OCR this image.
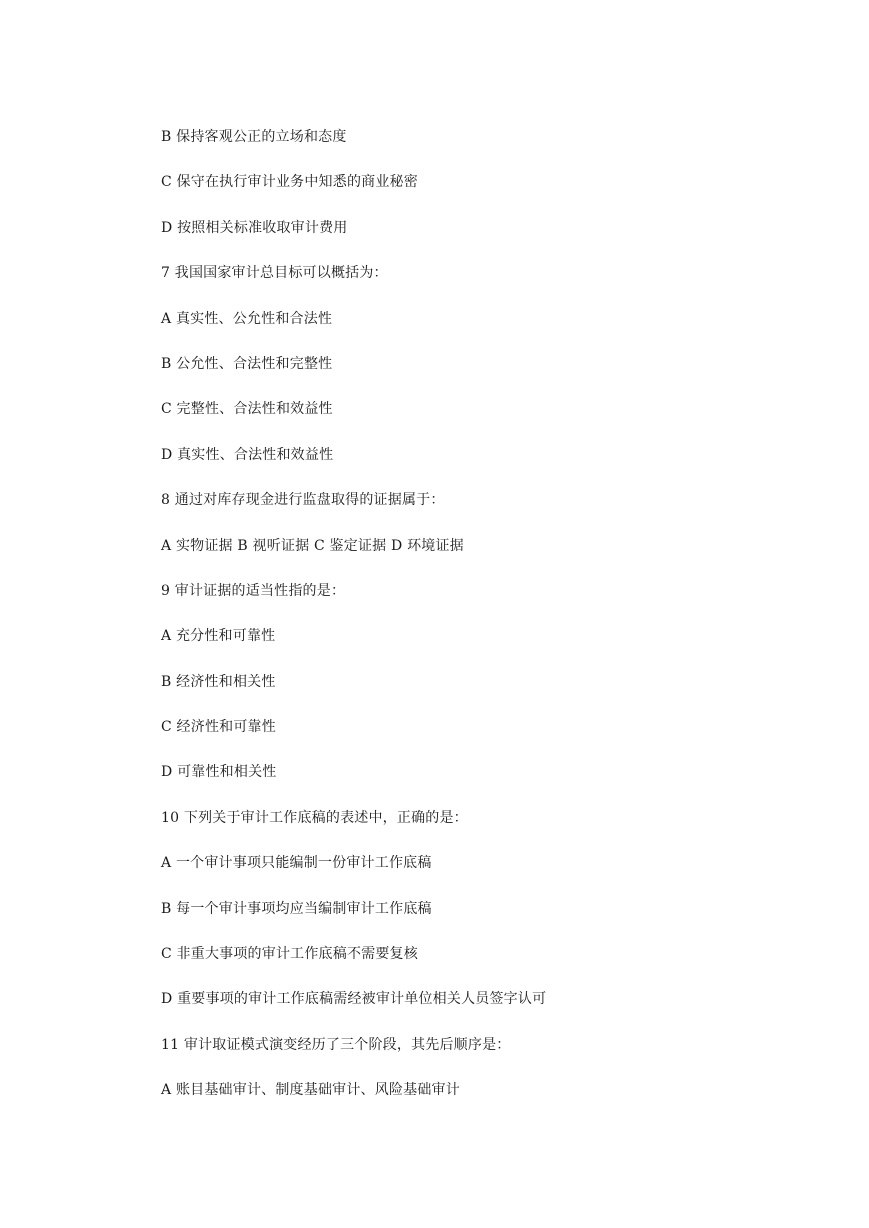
B 保持客观公正的立场和态度

C 保守在执行审计业务中知悉的商业秘密

D 按照相关标准收取审计费用

7 我国国家审计总目标可以概括为：

A 真实性、公允性和合法性

B 公允性、合法性和完整性

C 完整性、合法性和效益性

D 真实性、合法性和效益性

8 通过对库存现金进行监盘取得的证据属于：

A 实物证据 B 视听证据 C 鉴定证据 D 环境证据

9 审计证据的适当性指的是：

A 充分性和可靠性

B 经济性和相关性

C 经济性和可靠性

D 可靠性和相关性

10 下列关于审计工作底稿的表述中，正确的是：

A 一个审计事项只能编制一份审计工作底稿

B 每一个审计事项均应当编制审计工作底稿

C 非重大事项的审计工作底稿不需要复核

D 重要事项的审计工作底稿需经被审计单位相关人员签字认可

11 审计取证模式演变经历了三个阶段，其先后顺序是：

A 账目基础审计、制度基础审计、风险基础审计
